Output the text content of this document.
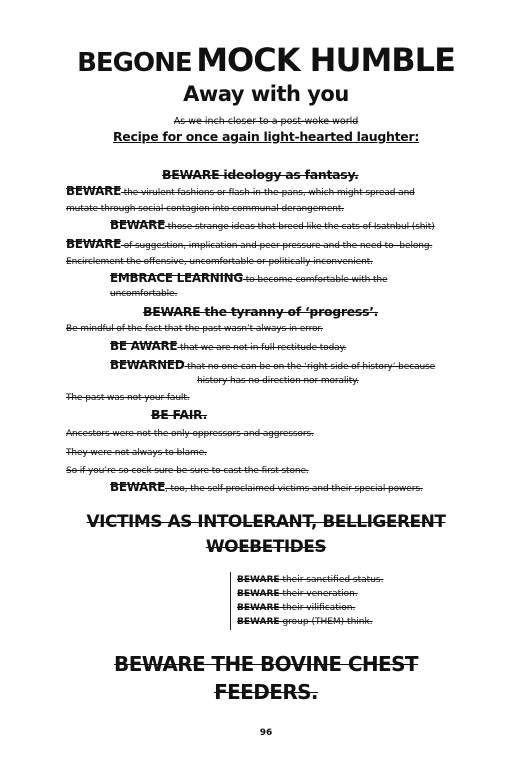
BEGONE MOCK HUMBLE
Away with you
As we inch closer to a post-woke world
Recipe for once again light-hearted laughter:
BEWARE ideology as fantasy.
BEWARE the virulent fashions or flash-in-the-pans, which might spread and
mutate through social contagion into communal derangement.
BEWARE those strange ideas that breed like the cats of Isatnbul (shit)
BEWARE of suggestion, implication and peer pressure and the need to -belong.
Encirclement the offensive, uncomfortable or politically inconvenient.
EMBRACE LEARNING to become comfortable with the
uncomfortable.
BEWARE the tyranny of ‘progress’.
Be mindful of the fact that the past wasn’t always in error.
BE AWARE that we are not in full rectitude today.
BEWARNED that no one can be on the ‘right side of history’ because
history has no direction nor morality.
The past was not your fault.
BE FAIR.
Ancestors were not the only oppressors and aggressors.
They were not always to blame.
So if you’re so cock sure be sure to cast the first stone.
BEWARE, too, the self-proclaimed victims and their special powers.
VICTIMS AS INTOLERANT, BELLIGERENT
WOEBETIDES
BEWARE their sanctified status.
BEWARE their veneration.
BEWARE their vilification.
BEWARE group (THEM) think.
BEWARE THE BOVINE CHEST
FEEDERS.
96
